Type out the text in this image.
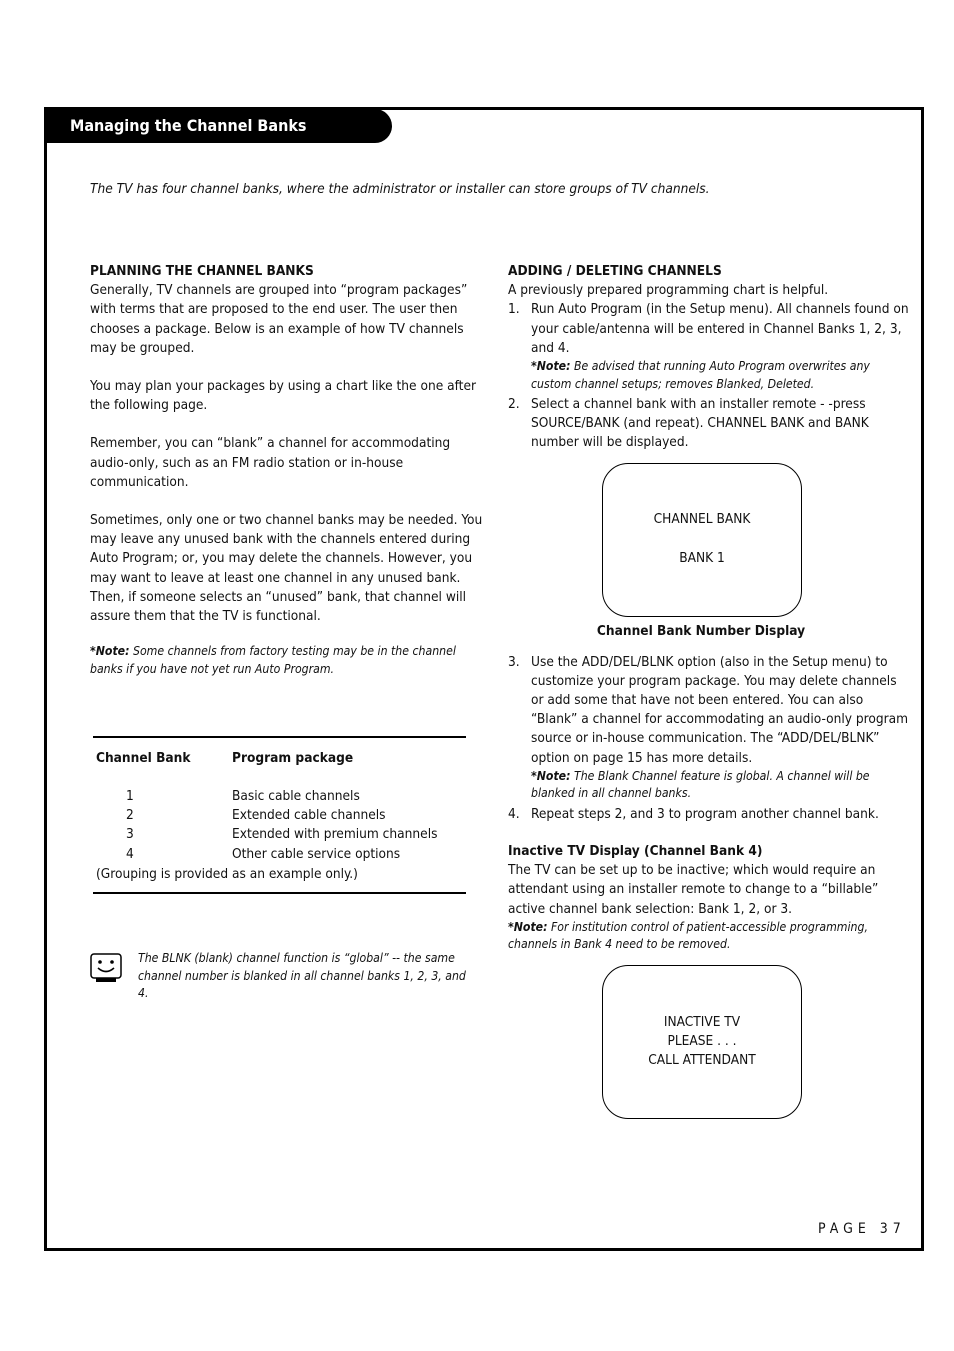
Managing the Channel Banks
The TV has four channel banks, where the administrator or installer can store groups of TV channels.

PLANNING THE CHANNEL BANKS

Generally, TV channels are grouped into “program packages” with terms that are proposed to the end user. The user then chooses a package. Below is an example of how TV channels may be grouped.

You may plan your packages by using a chart like the one after the following page.

Remember, you can “blank” a channel for accommodating audio-only, such as an FM radio station or in-house communication.

Sometimes, only one or two channel banks may be needed. You may leave any unused bank with the channels entered during Auto Program; or, you may delete the channels. However, you may want to leave at least one channel in any unused bank. Then, if someone selects an “unused” bank, that channel will assure them that the TV is functional.

*Note: Some channels from factory testing may be in the channel banks if you have not yet run Auto Program.

Channel Bank	Program package
1	Basic cable channels
2	Extended cable channels
3	Extended with premium channels
4	Other cable service options
(Grouping is provided as an example only.)
The BLNK (blank) channel function is “global” -- the same channel number is blanked in all channel banks 1, 2, 3, and 4.

ADDING / DELETING CHANNELS

A previously prepared programming chart is helpful.

1. Run Auto Program (in the Setup menu). All channels found on your cable/antenna will be entered in Channel Banks 1, 2, 3, and 4.

*Note: Be advised that running Auto Program overwrites any custom channel setups; removes Blanked, Deleted.

2. Select a channel bank with an installer remote - -press SOURCE/BANK (and repeat). CHANNEL BANK and BANK number will be displayed.
3. Use the ADD/DEL/BLNK option (also in the Setup menu) to customize your program package. You may delete channels or add some that have not been entered. You can also “Blank” a channel for accommodating an audio-only program source or in-house communication. The “ADD/DEL/BLNK” option on page 15 has more details.

*Note: The Blank Channel feature is global. A channel will be blanked in all channel banks.

4. Repeat steps 2, and 3 to program another channel bank.

Inactive TV Display (Channel Bank 4)

The TV can be set up to be inactive; which would require an attendant using an installer remote to change to a “billable” active channel bank selection: Bank 1, 2, or 3.

*Note: For institution control of patient-accessible programming, channels in Bank 4 need to be removed.

CHANNEL BANK
BANK 1
Channel Bank Number Display
INACTIVE TV
PLEASE . . .
CALL ATTENDANT
PAGE 37
